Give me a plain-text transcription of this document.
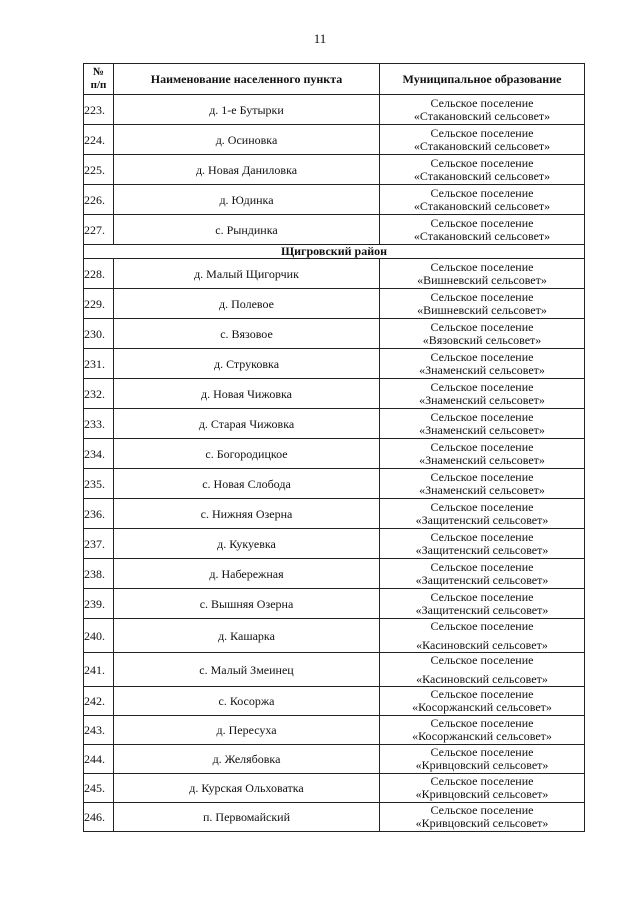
11
№
п/п	Наименование населенного пункта	Муниципальное образование
223.	д. 1-е Бутырки	Сельское поселение
«Стакановский сельсовет»

224.	д. Осиновка	Сельское поселение
«Стакановский сельсовет»

225.	д. Новая Даниловка	Сельское поселение
«Стакановский сельсовет»

226.	д. Юдинка	Сельское поселение
«Стакановский сельсовет»

227.	с. Рындинка	Сельское поселение
«Стакановский сельсовет»

Щигровский район		
228.	д. Малый Щигорчик	Сельское поселение
«Вишневский сельсовет»

229.	д. Полевое	Сельское поселение
«Вишневский сельсовет»

230.	с. Вязовое	Сельское поселение
«Вязовский сельсовет»

231.	д. Струковка	Сельское поселение
«Знаменский сельсовет»

232.	д. Новая Чижовка	Сельское поселение
«Знаменский сельсовет»

233.	д. Старая Чижовка	Сельское поселение
«Знаменский сельсовет»

234.	с. Богородицкое	Сельское поселение
«Знаменский сельсовет»

235.	с. Новая Слобода	Сельское поселение
«Знаменский сельсовет»

236.	с. Нижняя Озерна	Сельское поселение
«Защитенский сельсовет»

237.	д. Кукуевка	Сельское поселение
«Защитенский сельсовет»

238.	д. Набережная	Сельское поселение
«Защитенский сельсовет»

239.	с. Вышняя Озерна	Сельское поселение
«Защитенский сельсовет»

240.	д. Кашарка	Сельское поселение
«Касиновский сельсовет»

241.	с. Малый Змеинец	Сельское поселение
«Касиновский сельсовет»

242.	с. Косоржа	Сельское поселение
«Косоржанский сельсовет»

243.	д. Пересуха	Сельское поселение
«Косоржанский сельсовет»

244.	д. Желябовка	Сельское поселение
«Кривцовский сельсовет»

245.	д. Курская Ольховатка	Сельское поселение
«Кривцовский сельсовет»

246.	п. Первомайский	Сельское поселение
«Кривцовский сельсовет»
